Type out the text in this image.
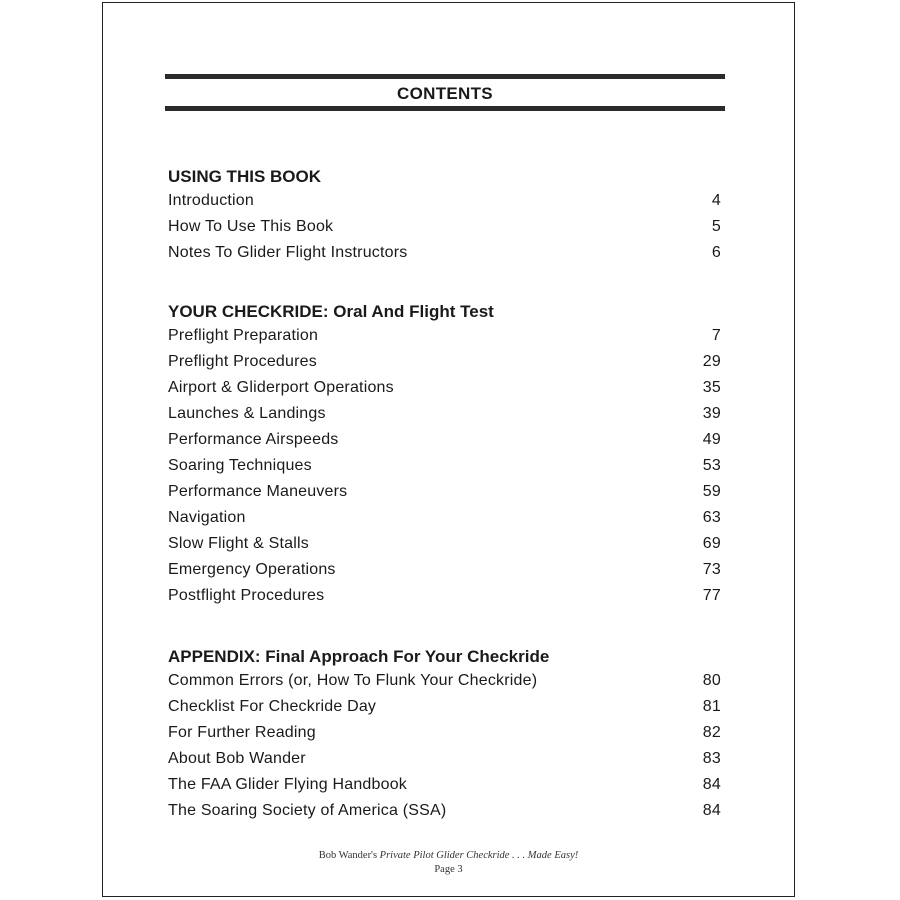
CONTENTS
USING THIS BOOK
Introduction	4
How To Use This Book	5
Notes To Glider Flight Instructors	6
YOUR CHECKRIDE: Oral And Flight Test
Preflight Preparation	7
Preflight Procedures	29
Airport & Gliderport Operations	35
Launches & Landings	39
Performance Airspeeds	49
Soaring Techniques	53
Performance Maneuvers	59
Navigation	63
Slow Flight & Stalls	69
Emergency Operations	73
Postflight Procedures	77
APPENDIX: Final Approach For Your Checkride
Common Errors (or, How To Flunk Your Checkride)	80
Checklist For Checkride Day	81
For Further Reading	82
About Bob Wander	83
The FAA Glider Flying Handbook	84
The Soaring Society of America (SSA)	84
Bob Wander's Private Pilot Glider Checkride . . . Made Easy!
Page 3
